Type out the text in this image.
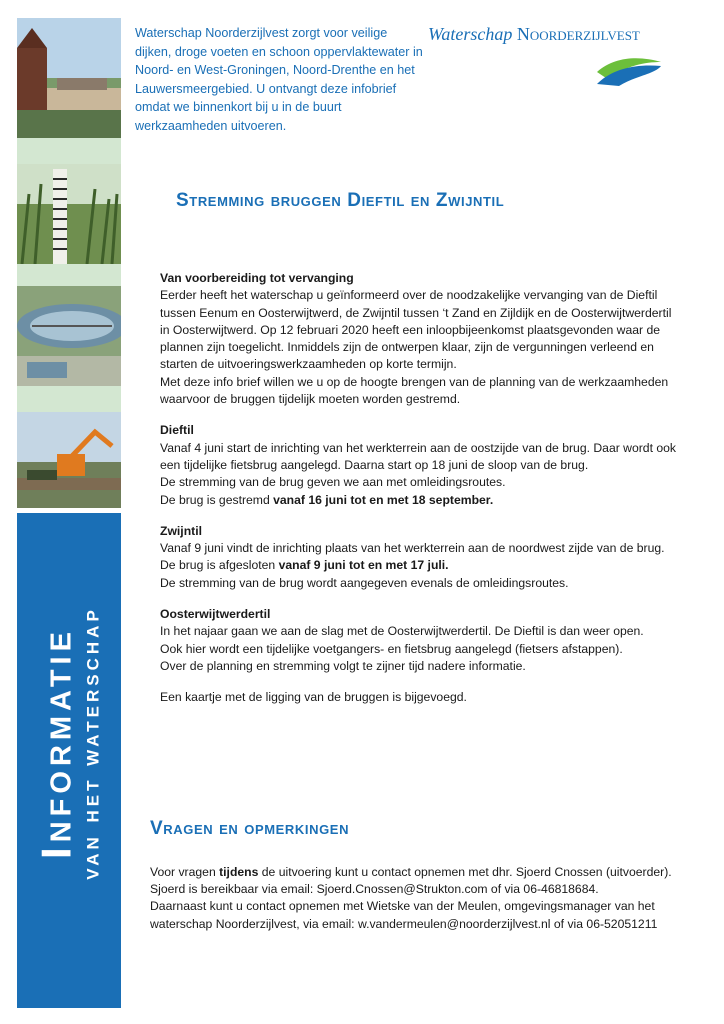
Informatie
van het waterschap
Waterschap Noorderzijlvest zorgt voor veilige dijken, droge voeten en schoon oppervlaktewater in Noord- en West-Groningen, Noord-Drenthe en het Lauwersmeergebied. U ontvangt deze infobrief omdat we binnenkort bij u in de buurt werkzaamheden uitvoeren.
Waterschap Noorderzijlvest
Stremming bruggen Dieftil en Zwijntil

Van voorbereiding tot vervanging

Eerder heeft het waterschap u geïnformeerd over de noodzakelijke vervanging van de Dieftil tussen Eenum en Oosterwijtwerd, de Zwijntil tussen ‘t Zand en Zijldijk en de Oosterwijtwerdertil in Oosterwijtwerd. Op 12 februari 2020 heeft een inloopbijeenkomst plaatsgevonden waar de plannen zijn toegelicht. Inmiddels zijn de ontwerpen klaar, zijn de vergunningen verleend en starten de uitvoeringswerkzaamheden op korte termijn.

Met deze info brief willen we u op de hoogte brengen van de planning van de werkzaamheden waarvoor de bruggen tijdelijk moeten worden gestremd.

Dieftil

Vanaf 4 juni start de inrichting van het werkterrein aan de oostzijde van de brug. Daar wordt ook een tijdelijke fietsbrug aangelegd. Daarna start op 18 juni de sloop van de brug.

De stremming van de brug geven we aan met omleidingsroutes.

De brug is gestremd vanaf 16 juni tot en met 18 september.

Zwijntil

Vanaf 9 juni vindt de inrichting plaats van het werkterrein aan de noordwest zijde van de brug. De brug is afgesloten vanaf 9 juni tot en met 17 juli.

De stremming van de brug wordt aangegeven evenals de omleidingsroutes.

Oosterwijtwerdertil

In het najaar gaan we aan de slag met de Oosterwijtwerdertil. De Dieftil is dan weer open.

Ook hier wordt een tijdelijke voetgangers- en fietsbrug aangelegd (fietsers afstappen).

Over de planning en stremming volgt te zijner tijd nadere informatie.

Een kaartje met de ligging van de bruggen is bijgevoegd.

Vragen en opmerkingen

Voor vragen tijdens de uitvoering kunt u contact opnemen met dhr. Sjoerd Cnossen (uitvoerder). Sjoerd is bereikbaar via email: Sjoerd.Cnossen@Strukton.com of via 06-46818684.

Daarnaast kunt u contact opnemen met Wietske van der Meulen, omgevingsmanager van het waterschap Noorderzijlvest, via email: w.vandermeulen@noorderzijlvest.nl of via 06-52051211
